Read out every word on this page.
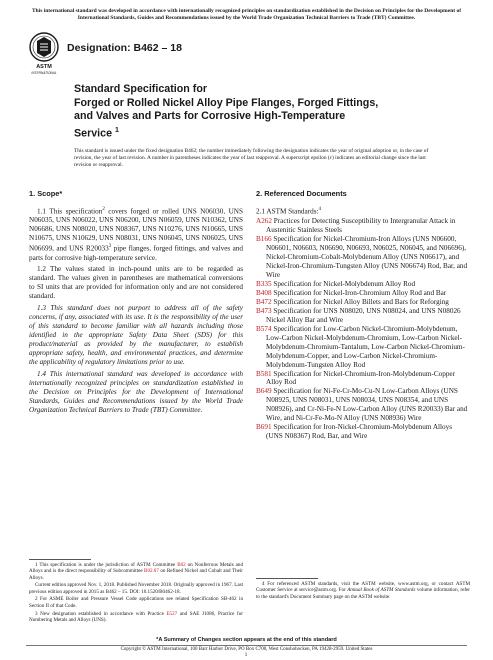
This international standard was developed in accordance with internationally recognized principles on standardization established in the Decision on Principles for the Development of International Standards, Guides and Recommendations issued by the World Trade Organization Technical Barriers to Trade (TBT) Committee.
ASTM
INTERNATIONAL
Designation: B462 – 18
Standard Specification for
Forged or Rolled Nickel Alloy Pipe Flanges, Forged Fittings,
and Valves and Parts for Corrosive High-Temperature
Service $^1$
This standard is issued under the fixed designation B462; the number immediately following the designation indicates the year of original adoption or, in the case of revision, the year of last revision. A number in parentheses indicates the year of last reapproval. A superscript epsilon (ε) indicates an editorial change since the last revision or reapproval.
1. Scope*

1.1 This specification$^2$ covers forged or rolled UNS N06030, UNS N06035, UNS N06022, UNS N06200, UNS N06059, UNS N10362, UNS N06686, UNS N08020, UNS N08367, UNS N10276, UNS N10665, UNS N10675, UNS N10629, UNS N08031, UNS N06045, UNS N06025, UNS N06699, and UNS R20033$^3$ pipe flanges, forged fittings, and valves and parts for corrosive high-temperature service.

1.2 The values stated in inch-pound units are to be regarded as standard. The values given in parentheses are mathematical conversions to SI units that are provided for information only and are not considered standard.

1.3 This standard does not purport to address all of the safety concerns, if any, associated with its use. It is the responsibility of the user of this standard to become familiar with all hazards including those identified in the appropriate Safety Data Sheet (SDS) for this product/material as provided by the manufacturer, to establish appropriate safety, health, and environmental practices, and determine the applicability of regulatory limitations prior to use.

1.4 This international standard was developed in accordance with internationally recognized principles on standardization established in the Decision on Principles for the Development of International Standards, Guides and Recommendations issued by the World Trade Organization Technical Barriers to Trade (TBT) Committee.

2. Referenced Documents
2.1 ASTM Standards:$^4$
A262 Practices for Detecting Susceptibility to Intergranular Attack in Austenitic Stainless Steels
B166 Specification for Nickel-Chromium-Iron Alloys (UNS N06600, N06601, N06603, N06690, N06693, N06025, N06045, and N06696), Nickel-Chromium-Cobalt-Molybdenum Alloy (UNS N06617), and Nickel-Iron-Chromium-Tungsten Alloy (UNS N06674) Rod, Bar, and Wire
B335 Specification for Nickel-Molybdenum Alloy Rod
B408 Specification for Nickel-Iron-Chromium Alloy Rod and Bar
B472 Specification for Nickel Alloy Billets and Bars for Reforging
B473 Specification for UNS N08020, UNS N08024, and UNS N08026 Nickel Alloy Bar and Wire
B574 Specification for Low-Carbon Nickel-Chromium-Molybdenum, Low-Carbon Nickel-Molybdenum-Chromium, Low-Carbon Nickel-Molybdenum-Chromium-Tantalum, Low-Carbon Nickel-Chromium-Molybdenum-Copper, and Low-Carbon Nickel-Chromium-Molybdenum-Tungsten Alloy Rod
B581 Specification for Nickel-Chromium-Iron-Molybdenum-Copper Alloy Rod
B649 Specification for Ni-Fe-Cr-Mo-Cu-N Low-Carbon Alloys (UNS N08925, UNS N08031, UNS N08034, UNS N08354, and UNS N08926), and Cr-Ni-Fe-N Low-Carbon Alloy (UNS R20033) Bar and Wire, and Ni-Cr-Fe-Mo-N Alloy (UNS N08936) Wire
B691 Specification for Iron-Nickel-Chromium-Molybdenum Alloys (UNS N08367) Rod, Bar, and Wire

1 This specification is under the jurisdiction of ASTM Committee B02 on Nonferrous Metals and Alloys and is the direct responsibility of Subcommittee B02.07 on Refined Nickel and Cobalt and Their Alloys.

Current edition approved Nov. 1, 2018. Published November 2018. Originally approved in 1967. Last previous edition approved in 2015 as B462 – 15. DOI: 10.1520/B0462-18.

2 For ASME Boiler and Pressure Vessel Code applications see related Specification SB-462 in Section II of that Code.

3 New designation established in accordance with Practice E527 and SAE J1086, Practice for Numbering Metals and Alloys (UNS).

4 For referenced ASTM standards, visit the ASTM website, www.astm.org, or contact ASTM Customer Service at service@astm.org. For Annual Book of ASTM Standards volume information, refer to the standard's Document Summary page on the ASTM website.

*A Summary of Changes section appears at the end of this standard
Copyright © ASTM International, 100 Barr Harbor Drive, PO Box C700, West Conshohocken, PA 19428-2959. United States
1
